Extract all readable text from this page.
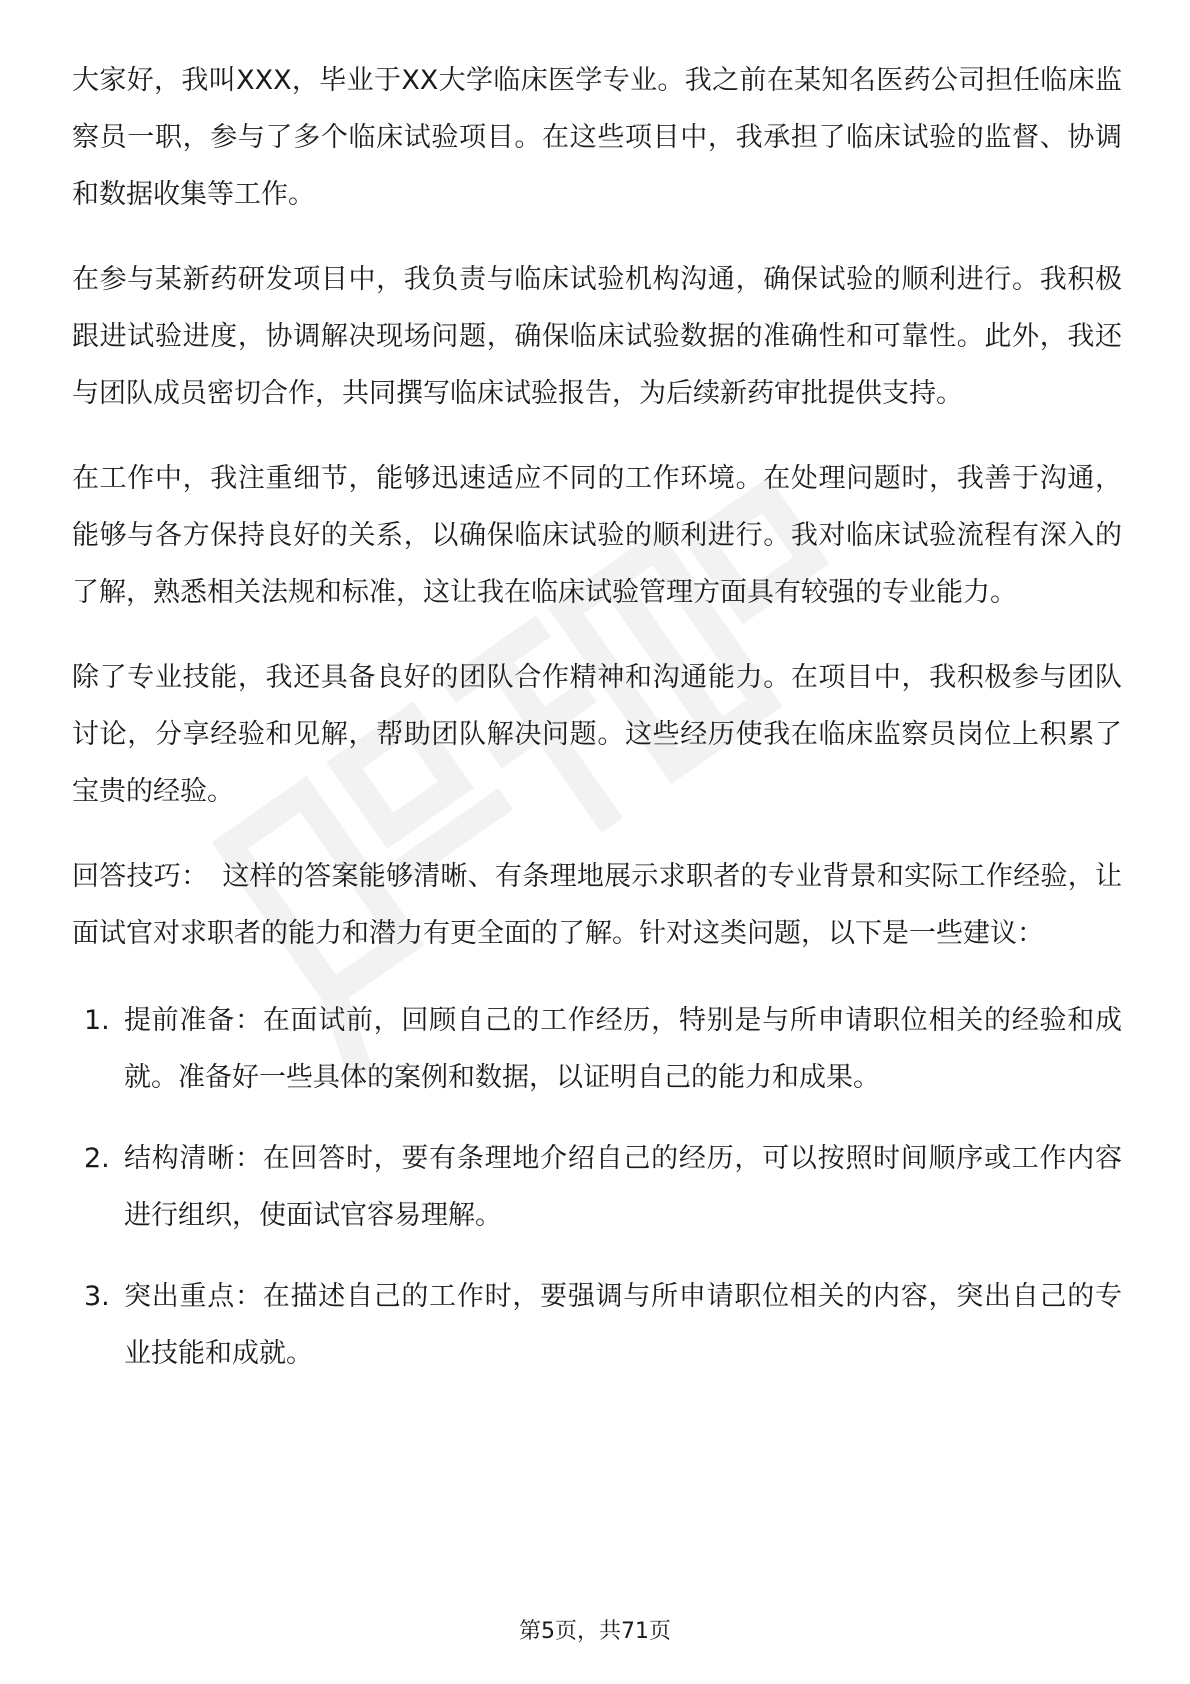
大家好，我叫XXX，毕业于XX大学临床医学专业。我之前在某知名医药公司担任临床监察员一职，参与了多个临床试验项目。在这些项目中，我承担了临床试验的监督、协调和数据收集等工作。

在参与某新药研发项目中，我负责与临床试验机构沟通，确保试验的顺利进行。我积极跟进试验进度，协调解决现场问题，确保临床试验数据的准确性和可靠性。此外，我还与团队成员密切合作，共同撰写临床试验报告，为后续新药审批提供支持。

在工作中，我注重细节，能够迅速适应不同的工作环境。在处理问题时，我善于沟通，能够与各方保持良好的关系，以确保临床试验的顺利进行。我对临床试验流程有深入的了解，熟悉相关法规和标准，这让我在临床试验管理方面具有较强的专业能力。

除了专业技能，我还具备良好的团队合作精神和沟通能力。在项目中，我积极参与团队讨论，分享经验和见解，帮助团队解决问题。这些经历使我在临床监察员岗位上积累了宝贵的经验。

回答技巧： 这样的答案能够清晰、有条理地展示求职者的专业背景和实际工作经验，让面试官对求职者的能力和潜力有更全面的了解。针对这类问题，以下是一些建议：

1. 提前准备：在面试前，回顾自己的工作经历，特别是与所申请职位相关的经验和成就。准备好一些具体的案例和数据，以证明自己的能力和成果。
2. 结构清晰：在回答时，要有条理地介绍自己的经历，可以按照时间顺序或工作内容进行组织，使面试官容易理解。
3. 突出重点：在描述自己的工作时，要强调与所申请职位相关的内容，突出自己的专业技能和成就。
第5页，共71页
